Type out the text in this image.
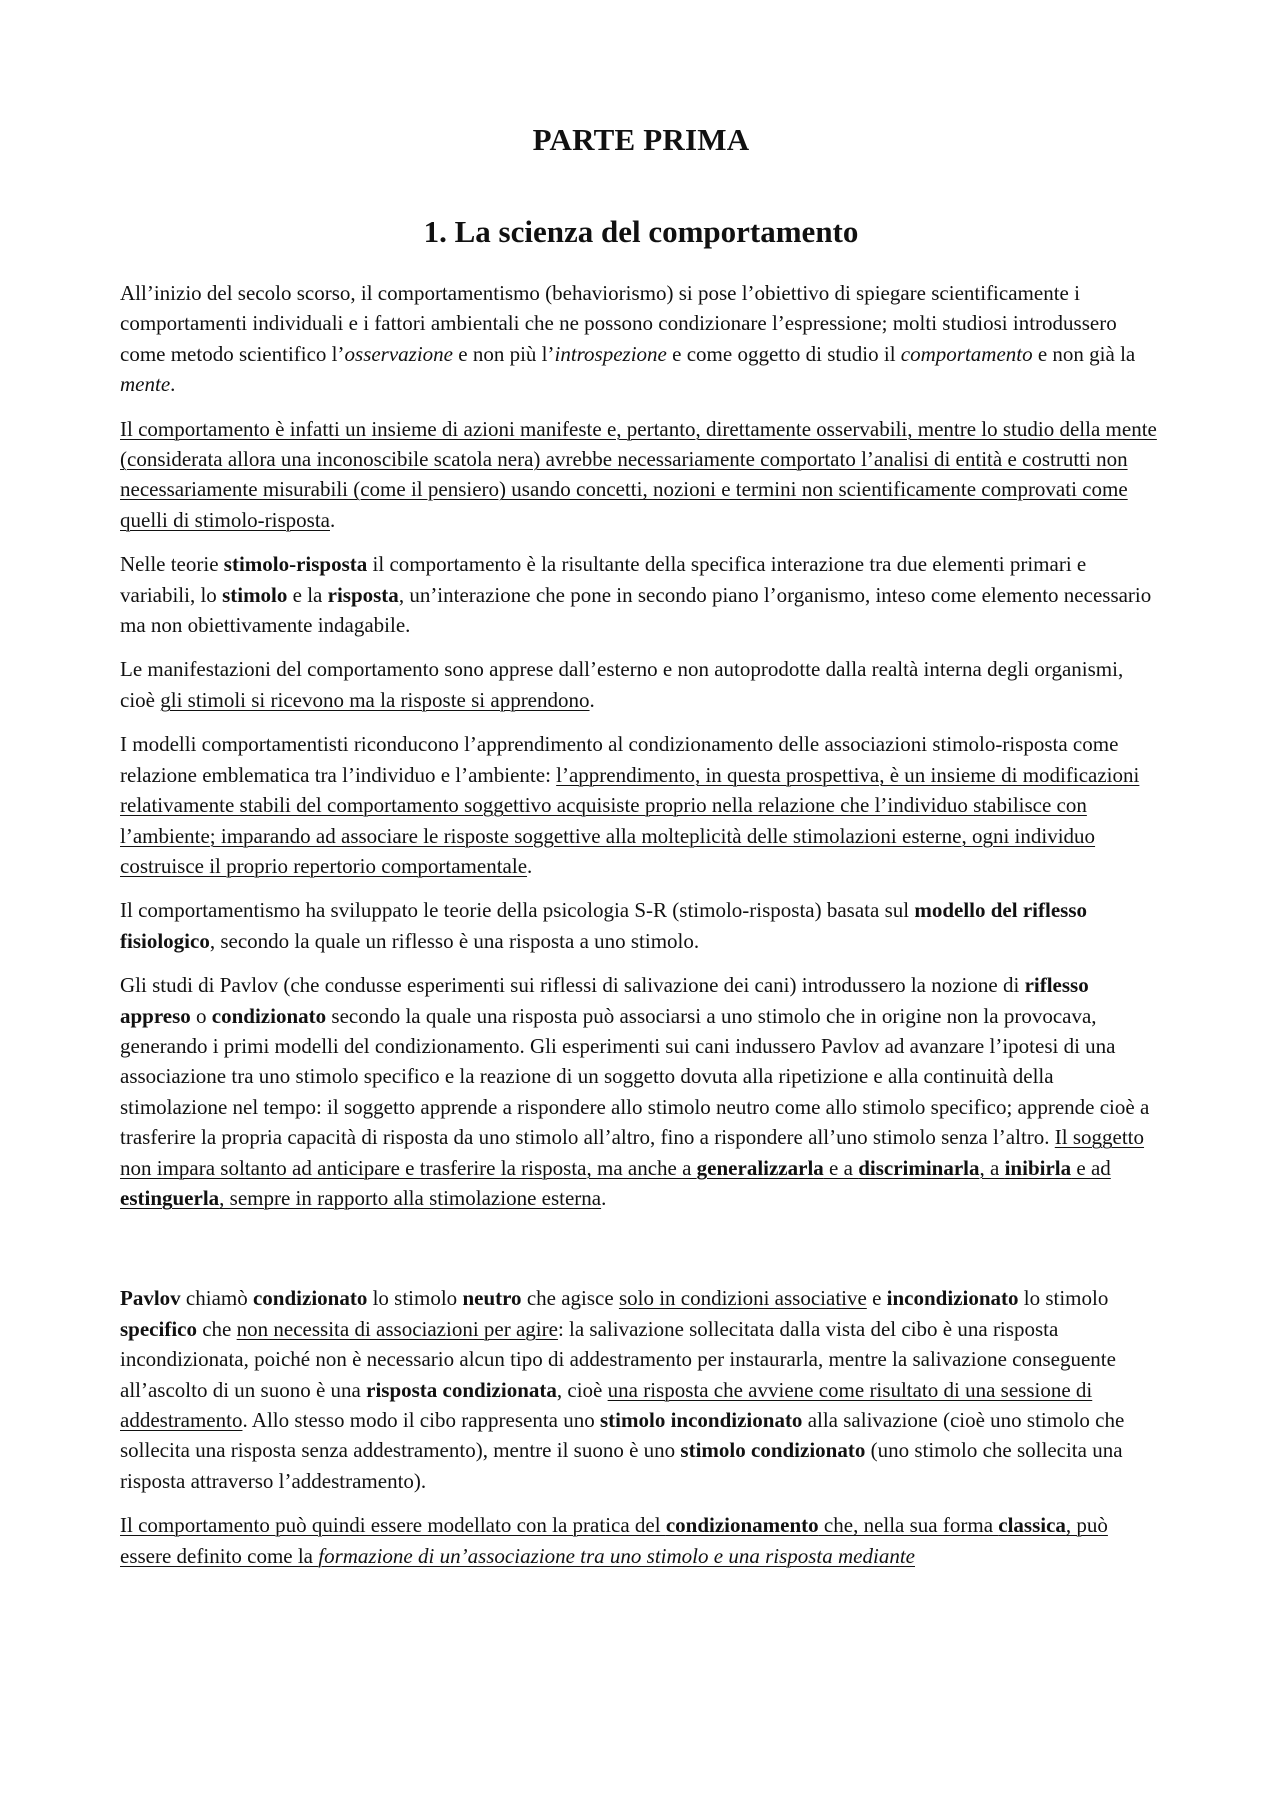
PARTE PRIMA
1. La scienza del comportamento

All’inizio del secolo scorso, il comportamentismo (behaviorismo) si pose l’obiettivo di spiegare scientificamente i comportamenti individuali e i fattori ambientali che ne possono condizionare l’espressione; molti studiosi introdussero come metodo scientifico l’osservazione e non più l’introspezione e come oggetto di studio il comportamento e non già la mente.

Il comportamento è infatti un insieme di azioni manifeste e, pertanto, direttamente osservabili, mentre lo studio della mente (considerata allora una inconoscibile scatola nera) avrebbe necessariamente comportato l’analisi di entità e costrutti non necessariamente misurabili (come il pensiero) usando concetti, nozioni e termini non scientificamente comprovati come quelli di stimolo-risposta.

Nelle teorie stimolo-risposta il comportamento è la risultante della specifica interazione tra due elementi primari e variabili, lo stimolo e la risposta, un’interazione che pone in secondo piano l’organismo, inteso come elemento necessario ma non obiettivamente indagabile.

Le manifestazioni del comportamento sono apprese dall’esterno e non autoprodotte dalla realtà interna degli organismi, cioè gli stimoli si ricevono ma la risposte si apprendono.

I modelli comportamentisti riconducono l’apprendimento al condizionamento delle associazioni stimolo-risposta come relazione emblematica tra l’individuo e l’ambiente: l’apprendimento, in questa prospettiva, è un insieme di modificazioni relativamente stabili del comportamento soggettivo acquisiste proprio nella relazione che l’individuo stabilisce con l’ambiente; imparando ad associare le risposte soggettive alla molteplicità delle stimolazioni esterne, ogni individuo costruisce il proprio repertorio comportamentale.

Il comportamentismo ha sviluppato le teorie della psicologia S-R (stimolo-risposta) basata sul modello del riflesso fisiologico, secondo la quale un riflesso è una risposta a uno stimolo.

Gli studi di Pavlov (che condusse esperimenti sui riflessi di salivazione dei cani) introdussero la nozione di riflesso appreso o condizionato secondo la quale una risposta può associarsi a uno stimolo che in origine non la provocava, generando i primi modelli del condizionamento. Gli esperimenti sui cani indussero Pavlov ad avanzare l’ipotesi di una associazione tra uno stimolo specifico e la reazione di un soggetto dovuta alla ripetizione e alla continuità della stimolazione nel tempo: il soggetto apprende a rispondere allo stimolo neutro come allo stimolo specifico; apprende cioè a trasferire la propria capacità di risposta da uno stimolo all’altro, fino a rispondere all’uno stimolo senza l’altro. Il soggetto non impara soltanto ad anticipare e trasferire la risposta, ma anche a generalizzarla e a discriminarla, a inibirla e ad estinguerla, sempre in rapporto alla stimolazione esterna.

Pavlov chiamò condizionato lo stimolo neutro che agisce solo in condizioni associative e incondizionato lo stimolo specifico che non necessita di associazioni per agire: la salivazione sollecitata dalla vista del cibo è una risposta incondizionata, poiché non è necessario alcun tipo di addestramento per instaurarla, mentre la salivazione conseguente all’ascolto di un suono è una risposta condizionata, cioè una risposta che avviene come risultato di una sessione di addestramento. Allo stesso modo il cibo rappresenta uno stimolo incondizionato alla salivazione (cioè uno stimolo che sollecita una risposta senza addestramento), mentre il suono è uno stimolo condizionato (uno stimolo che sollecita una risposta attraverso l’addestramento).

Il comportamento può quindi essere modellato con la pratica del condizionamento che, nella sua forma classica, può essere definito come la formazione di un’associazione tra uno stimolo e una risposta mediante
